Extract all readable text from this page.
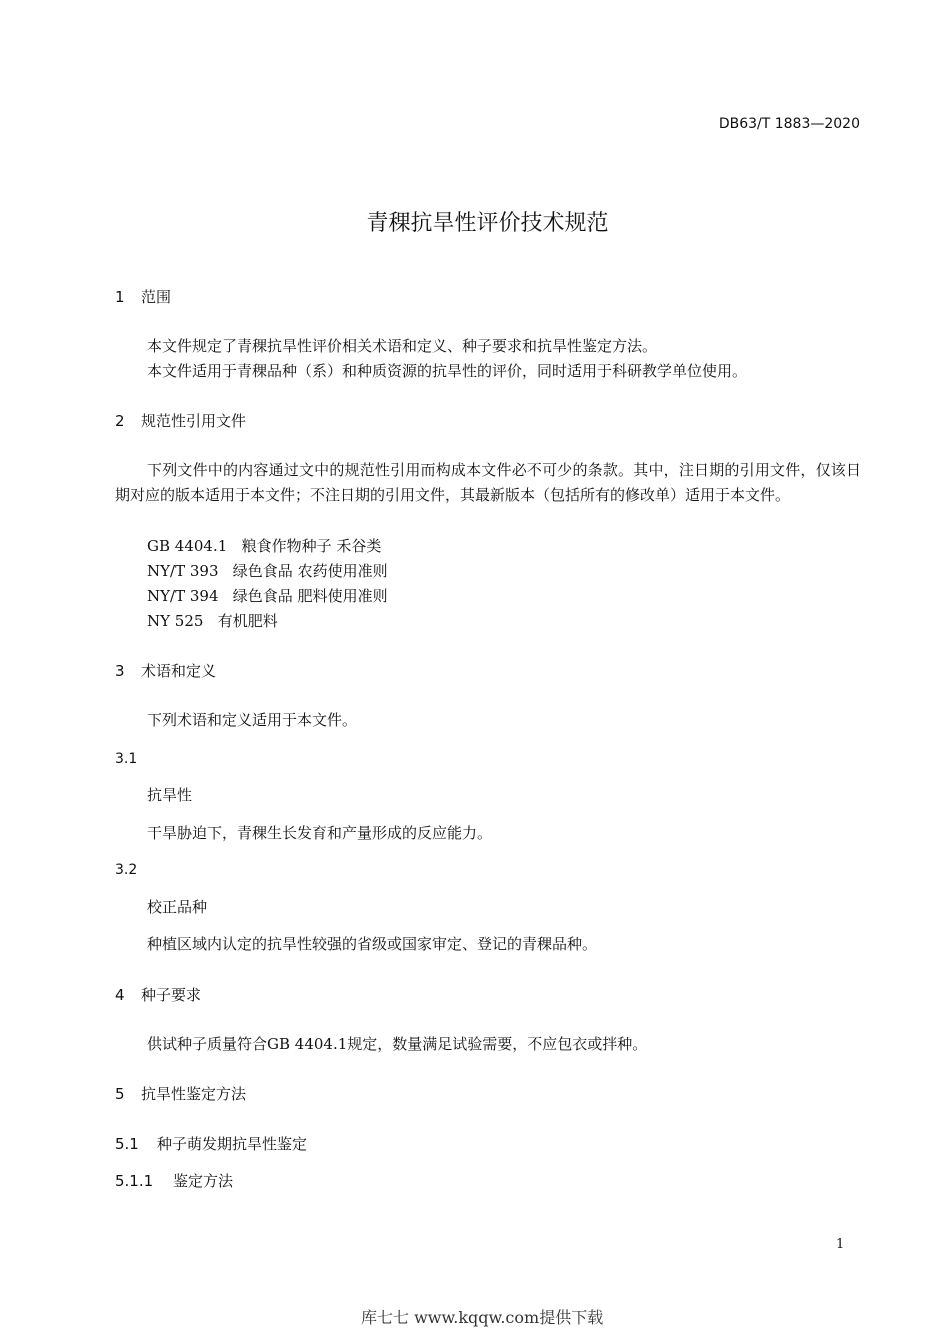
DB63/T 1883—2020
青稞抗旱性评价技术规范
1 范围
本文件规定了青稞抗旱性评价相关术语和定义、种子要求和抗旱性鉴定方法。
本文件适用于青稞品种（系）和种质资源的抗旱性的评价，同时适用于科研教学单位使用。
2 规范性引用文件
下列文件中的内容通过文中的规范性引用而构成本文件必不可少的条款。其中，注日期的引用文件，仅该日期对应的版本适用于本文件；不注日期的引用文件，其最新版本（包括所有的修改单）适用于本文件。
GB 4404.1 粮食作物种子 禾谷类
NY/T 393 绿色食品 农药使用准则
NY/T 394 绿色食品 肥料使用准则
NY 525 有机肥料
3 术语和定义
下列术语和定义适用于本文件。
3.1
抗旱性
干旱胁迫下，青稞生长发育和产量形成的反应能力。
3.2
校正品种
种植区域内认定的抗旱性较强的省级或国家审定、登记的青稞品种。
4 种子要求
供试种子质量符合GB 4404.1规定，数量满足试验需要，不应包衣或拌种。
5 抗旱性鉴定方法
5.1 种子萌发期抗旱性鉴定
5.1.1 鉴定方法
1
库七七 www.kqqw.com提供下载
